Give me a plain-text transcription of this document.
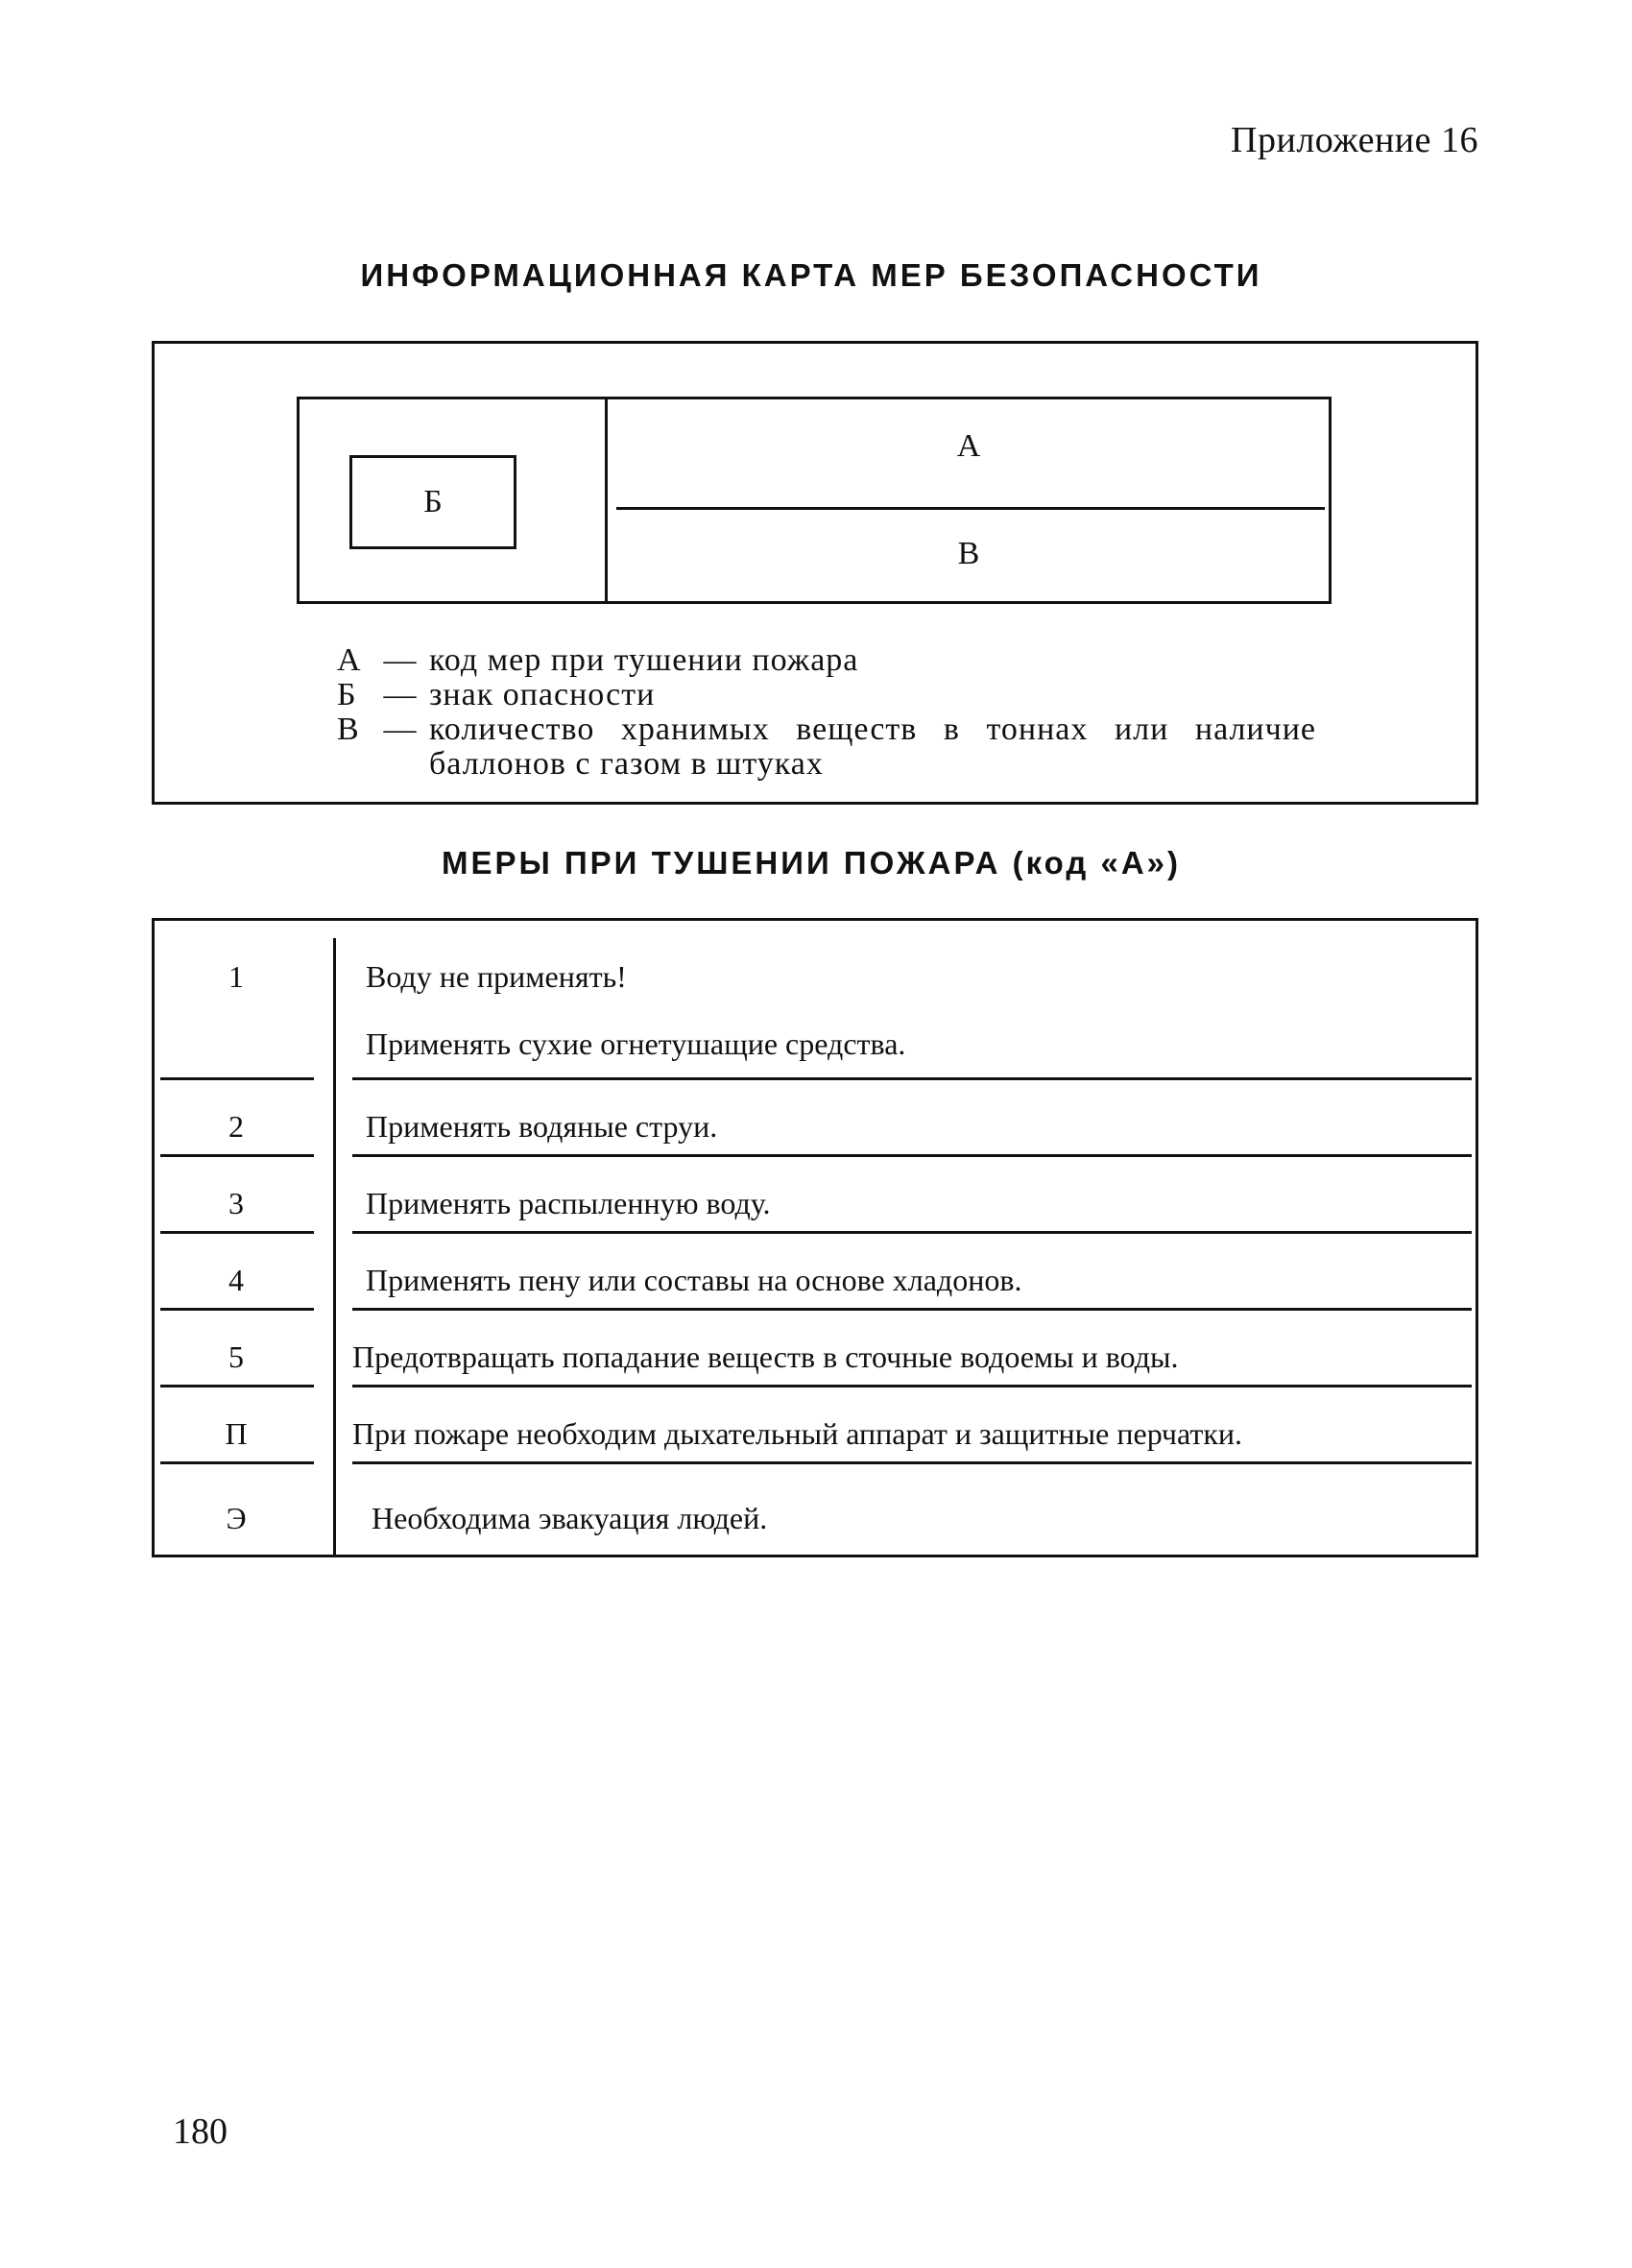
Приложение 16
ИНФОРМАЦИОННАЯ КАРТА МЕР БЕЗОПАСНОСТИ
Б
А
В
А — код мер при тушении пожара
Б — знак опасности
В — количество хранимых веществ в тоннах или наличие
баллонов с газом в штуках
МЕРЫ ПРИ ТУШЕНИИ ПОЖАРА (код «А»)
1	Воду не применять!
Применять сухие огнетушащие средства.
2	Применять водяные струи.
3	Применять распыленную воду.
4	Применять пену или составы на основе хладонов.
5	Предотвращать попадание веществ в сточные водоемы и воды.
П	При пожаре необходим дыхательный аппарат и защитные перчатки.
Э	Необходима эвакуация людей.
180
